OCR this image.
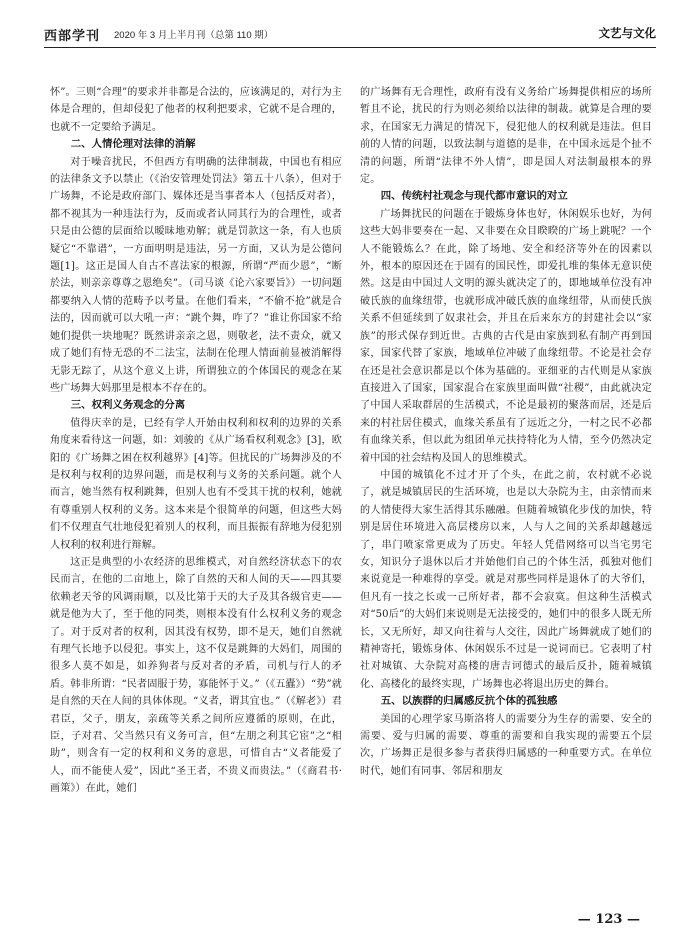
西部学刊 2020 年 3 月上半月刊（总第 110 期）	文艺与文化

怀”。三则“合理”的要求并非都是合法的，应该满足的，对行为主体是合理的，但却侵犯了他者的权利把要求，它就不是合理的，也就不一定要给予满足。

二、人情伦理对法律的消解

对于噪音扰民，不但西方有明确的法律制裁，中国也有相应的法律条文予以禁止（《治安管理处罚法》第五十八条），但对于广场舞，不论是政府部门、媒体还是当事者本人（包括反对者），都不视其为一种违法行为，反而或者认同其行为的合理性，或者只是由公德的层面给以暧昧地劝解；就是罚款这一条，有人也质疑它“不靠谱”，一方面明明是违法，另一方面，又认为是公德问题[1]。这正是国人自古不喜法家的根源，所谓“严而少恩”，“断於法，则亲亲尊尊之恩绝矣”。（司马谈《论六家要旨》）一切问题都要纳入人情的范畴予以考量。在他们看来，“不偷不抢”就是合法的，因而就可以大吼一声：“跳个舞，咋了？”谁让你国家不给她们提供一块地呢？既然讲亲亲之恩，则敬老，法不责众，就又成了她们有恃无恐的不二法宝，法制在伦理人情面前显被消解得无影无踪了，从这个意义上讲，所谓独立的个体国民的观念在某些广场舞大妈那里是根本不存在的。

三、权利义务观念的分离

值得庆幸的是，已经有学人开始由权利和权利的边界的关系角度来看待这一问题，如：刘骏的《从广场看权利观念》[3]，欧阳的《广场舞之困在权利越界》[4]等。但扰民的广场舞涉及的不是权利与权利的边界问题，而是权利与义务的关系问题。就个人而言，她当然有权利跳舞，但别人也有不受其干扰的权利，她就有尊重别人权利的义务。这本来是个很简单的问题，但这些大妈们不仅理直气壮地侵犯着别人的权利，而且振振有辞地为侵犯别人权利的权利进行辩解。

这正是典型的小农经济的思维模式，对自然经济状态下的农民而言，在他的二亩地上，除了自然的天和人间的天——四其要依赖老天爷的风调雨顺，以及比第于天的大子及其各级官吏——就是他为大了，至于他的同类，则根本没有什么权利义务的观念了。对于反对者的权利，因其没有权势，即不是天，她们自然就有理气长地予以侵犯。事实上，这不仅是跳舞的大妈们，周围的很多人莫不如是，如养狗者与反对者的矛盾，司机与行人的矛盾。韩非所谓：“民者固服于势，寡能怀于义。”（《五蠹》）“势”就是自然的天在人间的具体体现。“义者，谓其宜也。”（《解老》）君君臣，父子，朋友，亲疏等关系之间所应遵循的原则，在此，臣，子对君、父当然只有义务可言，但“左朋之利其它宦”之“相助”，则含有一定的权利和义务的意思，可惜自古“义者能爱了人，而不能使人爱”，因此“圣王者，不贵义而贵法。”（《商君书·画策》）在此，她们

的广场舞有无合理性，政府有没有义务给广场舞提供相应的场所暂且不论，扰民的行为则必须给以法律的制裁。就算是合理的要求，在国家无力满足的情况下，侵犯他人的权利就是违法。但目前的人情的问题，以致法制与道德的是非，在中国永远是个扯不清的问题，所谓“法律不外人情”，即是国人对法制最根本的界定。

四、传统村社观念与现代都市意识的对立

广场舞扰民的问题在于锻炼身体也好，休闲娱乐也好，为何这些大妈非要奏在一起、又非要在众目睽睽的广场上跳呢？一个人不能锻炼么？在此，除了场地、安全和经济等外在的因素以外，根本的原因还在于固有的国民性，即爱扎堆的集体无意识使然。这是由中国过人文明的源头就决定了的，即地域单位没有冲破氏族的血缘纽带，也就形成冲破氏族的血缘纽带，从而使氏族关系不但延续到了奴隶社会，并且在后来东方的封建社会以“家族”的形式保存到近世。古典的古代是由家族到私有制产再到国家，国家代替了家族，地域单位冲破了血缘纽带。不论是社会存在还是社会意识都是以个体为基础的。亚细亚的古代则是从家族直接进入了国家，国家混合在家族里面叫做“社稷”，由此就决定了中国人采取群居的生活模式，不论是最初的聚落而居，还是后来的村社居住模式，血缘关系虽有了远近之分，一村之民不必都有血缘关系，但以此为组团单元扶持特化为人情，至今仍然决定着中国的社会结构及国人的思维模式。

中国的城镇化不过才开了个头，在此之前，农村就不必说了，就是城镇居民的生活环境，也是以大杂院为主，由亲情而来的人情使得大家生活得其乐融融。但随着城镇化步伐的加快，特别是居住环境进入高层楼房以来，人与人之间的关系却越越远了，串门喷家常更成为了历史。年轻人凭借网络可以当宅男宅女，知识分子退休以后才并始他们自己的个体生活，孤独对他们来说竟是一种难得的享受。就是对那些同样是退休了的大爷们，但凡有一技之长或一己所好者，都不会寂寞。但这种生活模式对“50后”的大妈们来说则是无法接受的，她们中的很多人既无所长，又无所好，却又向往着与人交往，因此广场舞就成了她们的精神寄托，锻炼身体、休闲娱乐不过是一说词而已。它表明了村社对城镇、大杂院对高楼的唐吉诃德式的最后反扑，随着城镇化、高楼化的最终实现，广场舞也必将退出历史的舞台。

五、以族群的归属感反抗个体的孤独感

美国的心理学家马斯洛将人的需要分为生存的需要、安全的需要、爱与归属的需要、尊重的需要和自我实现的需要五个层次，广场舞正是很多参与者获得归属感的一种重要方式。在单位时代，她们有同事、邻居和朋友

— 123 —
